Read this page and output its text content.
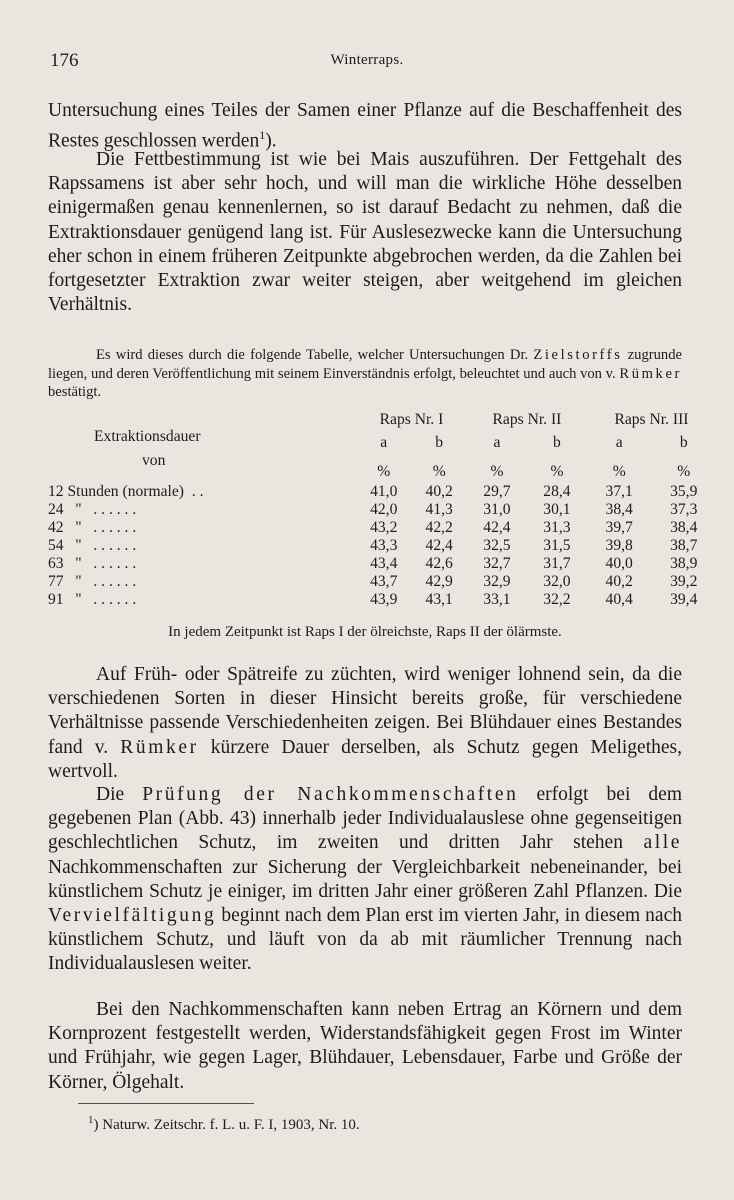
176	Winterraps.

Untersuchung eines Teiles der Samen einer Pflanze auf die Beschaffenheit des Restes geschlossen werden$^1$).

Die Fettbestimmung ist wie bei Mais auszuführen. Der Fettgehalt des Rapssamens ist aber sehr hoch, und will man die wirkliche Höhe desselben einigermaßen genau kennenlernen, so ist darauf Bedacht zu nehmen, daß die Extraktionsdauer genügend lang ist. Für Auslesezwecke kann die Untersuchung eher schon in einem früheren Zeitpunkte abgebrochen werden, da die Zahlen bei fortgesetzter Extraktion zwar weiter steigen, aber weitgehend im gleichen Verhältnis.

Es wird dieses durch die folgende Tabelle, welcher Untersuchungen Dr. Zielstorffs zugrunde liegen, und deren Veröffentlichung mit seinem Einverständnis erfolgt, beleuchtet und auch von v. Rümker bestätigt.

Extraktionsdauer
von	Raps Nr. I		Raps Nr. II		Raps Nr. III	
	a	b	a	b	a	b
	%	%	%	%	%	%
12 Stunden (normale)  . .	41,0	40,2	29,7	28,4	37,1	35,9
24   "   . . . . . .	42,0	41,3	31,0	30,1	38,4	37,3
42   "   . . . . . .	43,2	42,2	42,4	31,3	39,7	38,4
54   "   . . . . . .	43,3	42,4	32,5	31,5	39,8	38,7
63   "   . . . . . .	43,4	42,6	32,7	31,7	40,0	38,9
77   "   . . . . . .	43,7	42,9	32,9	32,0	40,2	39,2
91   "   . . . . . .	43,9	43,1	33,1	32,2	40,4	39,4
In jedem Zeitpunkt ist Raps I der ölreichste, Raps II der ölärmste.

Auf Früh- oder Spätreife zu züchten, wird weniger lohnend sein, da die verschiedenen Sorten in dieser Hinsicht bereits große, für verschiedene Verhältnisse passende Verschiedenheiten zeigen. Bei Blühdauer eines Bestandes fand v. Rümker kürzere Dauer derselben, als Schutz gegen Meligethes, wertvoll.

Die Prüfung der Nachkommenschaften erfolgt bei dem gegebenen Plan (Abb. 43) innerhalb jeder Individualauslese ohne gegenseitigen geschlechtlichen Schutz, im zweiten und dritten Jahr stehen alle Nachkommenschaften zur Sicherung der Vergleichbarkeit nebeneinander, bei künstlichem Schutz je einiger, im dritten Jahr einer größeren Zahl Pflanzen. Die Vervielfältigung beginnt nach dem Plan erst im vierten Jahr, in diesem nach künstlichem Schutz, und läuft von da ab mit räumlicher Trennung nach Individualauslesen weiter.

Bei den Nachkommenschaften kann neben Ertrag an Körnern und dem Kornprozent festgestellt werden, Widerstandsfähigkeit gegen Frost im Winter und Frühjahr, wie gegen Lager, Blühdauer, Lebensdauer, Farbe und Größe der Körner, Ölgehalt.

$^1$) Naturw. Zeitschr. f. L. u. F. I, 1903, Nr. 10.
